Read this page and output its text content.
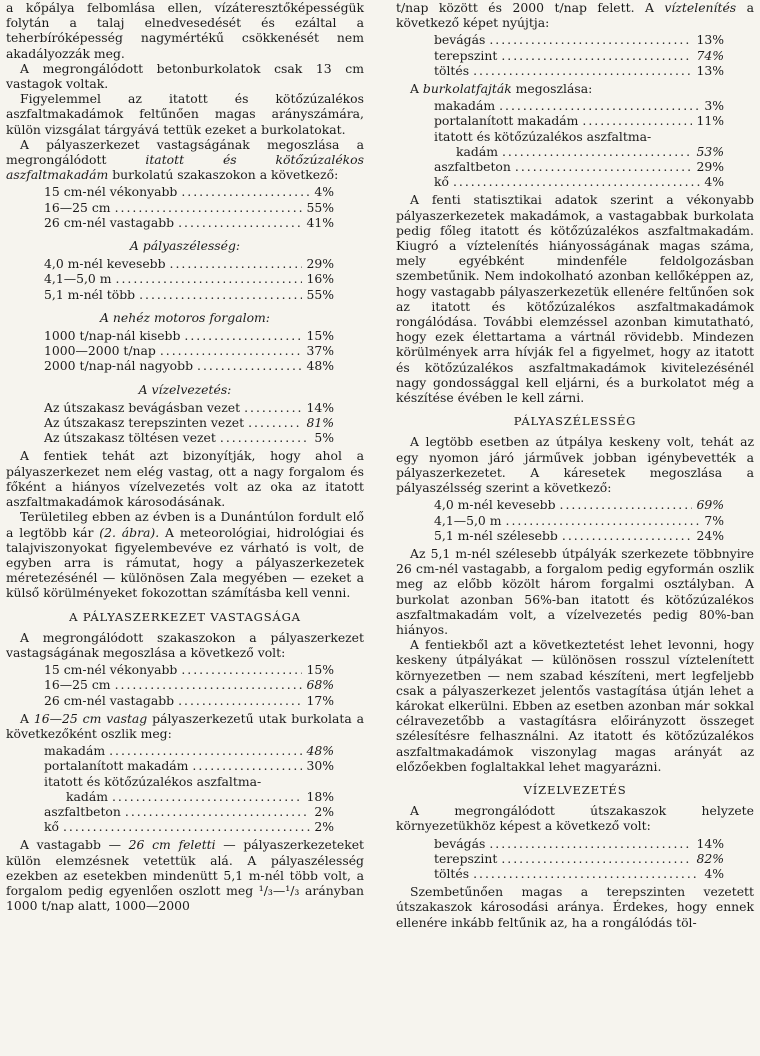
a kőpálya felbomlása ellen, vízáteresztőképességük folytán a talaj elnedvesedését és ezáltal a teherbíróképesség nagymértékű csökkenését nem akadályozzák meg.

A megrongálódott betonburkolatok csak 13 cm vastagok voltak.

Figyelemmel az itatott és kötőzúzalékos aszfaltmakadámok feltűnően magas arányszámára, külön vizsgálat tárgyává tettük ezeket a burkolatokat.

A pályaszerkezet vastagságának megoszlása a megrongálódott itatott és kötőzúzalékos aszfaltmakadám burkolatú szakaszokon a következő:

15 cm-nél vékonyabb .....	4%
16—25 cm .....	55%
26 cm-nél vastagabb .....	41%
A pályaszélesség:
4,0 m-nél kevesebb .....	29%
4,1—5,0 m .....	16%
5,1 m-nél több .....	55%
A nehéz motoros forgalom:
1000 t/nap-nál kisebb .....	15%
1000—2000 t/nap .....	37%
2000 t/nap-nál nagyobb .....	48%
A vízelvezetés:
Az útszakasz bevágásban vezet .....	14%
Az útszakasz terepszinten vezet .....	81%
Az útszakasz töltésen vezet .....	5%

A fentiek tehát azt bizonyítják, hogy ahol a pályaszerkezet nem elég vastag, ott a nagy forgalom és főként a hiányos vízelvezetés volt az oka az itatott aszfaltmakadámok károsodásának.

Területileg ebben az évben is a Dunántúlon fordult elő a legtöbb kár (2. ábra). A meteorológiai, hidrológiai és talajviszonyokat figyelembevéve ez várható is volt, de egyben arra is rámutat, hogy a pályaszerkezetek méretezésénél — különösen Zala megyében — ezeket a külső körülményeket fokozottan számításba kell venni.

A PÁLYASZERKEZET VASTAGSÁGA

A megrongálódott szakaszokon a pályaszerkezet vastagságának megoszlása a következő volt:

15 cm-nél vékonyabb .....	15%
16—25 cm .....	68%
26 cm-nél vastagabb .....	17%

A 16—25 cm vastag pályaszerkezetű utak burkolata a következőként oszlik meg:

makadám .....	48%
portalanított makadám .....	30%
itatott és kötőzúzalékos aszfaltma-
kadám .....	18%
aszfaltbeton .....	2%
kő .....	2%

A vastagabb — 26 cm feletti — pályaszerkezeteket külön elemzésnek vetettük alá. A pályaszélesség ezekben az esetekben mindenütt 5,1 m-nél több volt, a forgalom pedig egyenlően oszlott meg ¹/₃—¹/₃ arányban 1000 t/nap alatt, 1000—2000

t/nap között és 2000 t/nap felett. A víztelenítés a következő képet nyújtja:

bevágás .....	13%
terepszint .....	74%
töltés .....	13%

A burkolatfajták megoszlása:

makadám .....	3%
portalanított makadám .....	11%
itatott és kötőzúzalékos aszfaltma-
kadám .....	53%
aszfaltbeton .....	29%
kő .....	4%

A fenti statisztikai adatok szerint a vékonyabb pályaszerkezetek makadámok, a vastagabbak burkolata pedig főleg itatott és kötőzúzalékos aszfaltmakadám. Kiugró a víztelenítés hiányosságának magas száma, mely egyébként mindenféle feldolgozásban szembetűnik. Nem indokolható azonban kellőképpen az, hogy vastagabb pályaszerkezetük ellenére feltűnően sok az itatott és kötőzúzalékos aszfaltmakadámok rongálódása. További elemzéssel azonban kimutatható, hogy ezek élettartama a vártnál rövidebb. Mindezen körülmények arra hívják fel a figyelmet, hogy az itatott és kötőzúzalékos aszfaltmakadámok kivitelezésénél nagy gondossággal kell eljárni, és a burkolatot még a készítése évében le kell zárni.

PÁLYASZÉLESSÉG

A legtöbb esetben az útpálya keskeny volt, tehát az egy nyomon járó járművek jobban igénybevették a pályaszerkezetet. A káresetek megoszlása a pályaszélsség szerint a következő:

4,0 m-nél kevesebb .....	69%
4,1—5,0 m .....	7%
5,1 m-nél szélesebb .....	24%

Az 5,1 m-nél szélesebb útpályák szerkezete többnyire 26 cm-nél vastagabb, a forgalom pedig egyformán oszlik meg az előbb közölt három forgalmi osztályban. A burkolat azonban 56%-ban itatott és kötőzúzalékos aszfaltmakadám volt, a vízelvezetés pedig 80%-ban hiányos.

A fentiekből azt a következtetést lehet levonni, hogy keskeny útpályákat — különösen rosszul víztelenített környezetben — nem szabad készíteni, mert legfeljebb csak a pályaszerkezet jelentős vastagítása útján lehet a károkat elkerülni. Ebben az esetben azonban már sokkal célravezetőbb a vastagításra előirányzott összeget szélesítésre felhasználni. Az itatott és kötőzúzalékos aszfaltmakadámok viszonylag magas arányát az előzőekben foglaltakkal lehet magyarázni.

VÍZELVEZETÉS

A megrongálódott útszakaszok helyzete környezetükhöz képest a következő volt:

bevágás .....	14%
terepszint .....	82%
töltés .....	4%

Szembetűnően magas a terepszinten vezetett útszakaszok károsodási aránya. Érdekes, hogy ennek ellenére inkább feltűnik az, ha a rongálódás töl-
